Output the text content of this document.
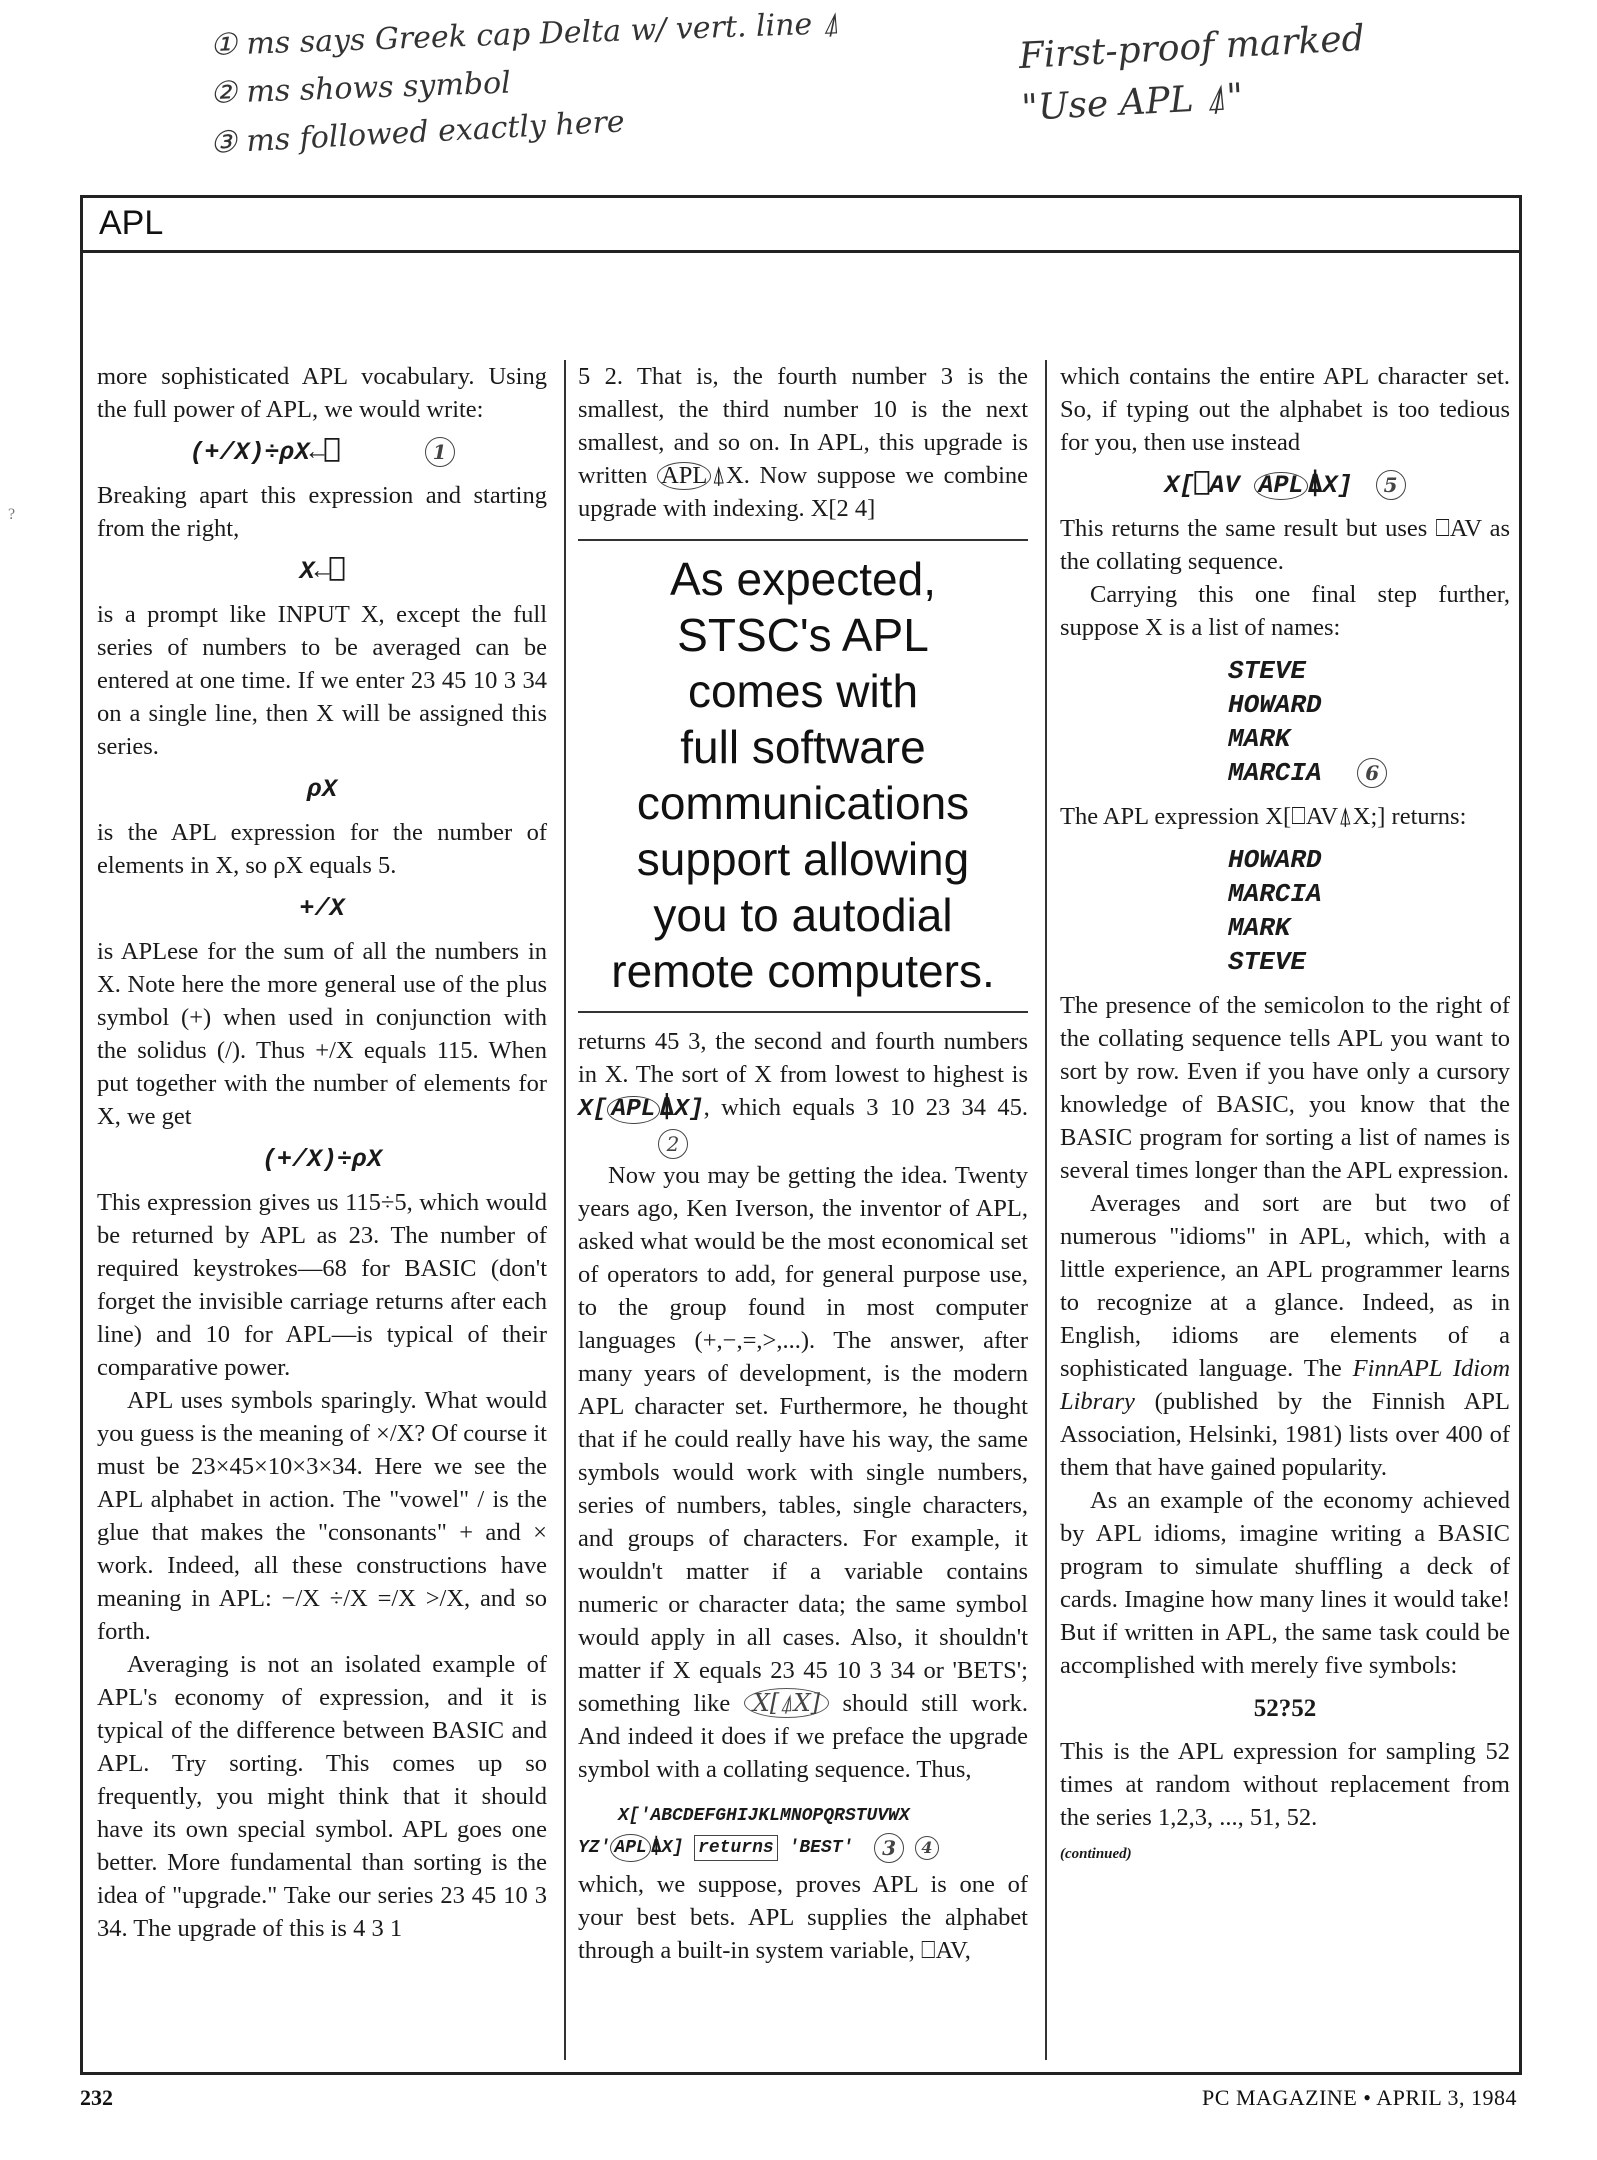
① ms says Greek cap Delta w/ vert. line ⍋
② ms shows symbol
③ ms followed exactly here
First-proof marked
"Use APL ⍋"
?
APL

more sophisticated APL vocabulary. Using the full power of APL, we would write:

(+/X)÷ρX←⎕	1

Breaking apart this expression and starting from the right,

X←⎕

is a prompt like INPUT X, except the full series of numbers to be averaged can be entered at one time. If we enter 23 45 10 3 34 on a single line, then X will be assigned this series.

ρX

is the APL expression for the number of elements in X, so ρX equals 5.

+/X

is APLese for the sum of all the numbers in X. Note here the more general use of the plus symbol (+) when used in conjunction with the solidus (/). Thus +/X equals 115. When put together with the number of elements for X, we get

(+/X)÷ρX

This expression gives us 115÷5, which would be returned by APL as 23. The number of required keystrokes—68 for BASIC (don't forget the invisible carriage returns after each line) and 10 for APL—is typical of their comparative power.

APL uses symbols sparingly. What would you guess is the meaning of ×/X? Of course it must be 23×45×10×3×34. Here we see the APL alphabet in action. The "vowel" / is the glue that makes the "consonants" + and × work. Indeed, all these constructions have meaning in APL: −/X ÷/X =/X >/X, and so forth.

Averaging is not an isolated example of APL's economy of expression, and it is typical of the difference between BASIC and APL. Try sorting. This comes up so frequently, you might think that it should have its own special symbol. APL goes one better. More fundamental than sorting is the idea of "upgrade." Take our series 23 45 10 3 34. The upgrade of this is 4 3 1

5 2. That is, the fourth number 3 is the smallest, the third number 10 is the next smallest, and so on. In APL, this upgrade is written APL ⍋X. Now suppose we combine upgrade with indexing. X[2 4]

As expected,
STSC's APL
comes with
full software
communications
support allowing
you to autodial
remote computers.

returns 45 3, the second and fourth numbers in X. The sort of X from lowest to highest is X[ APL ⍋X], which equals 3 10 23 34 45. 2

Now you may be getting the idea. Twenty years ago, Ken Iverson, the inventor of APL, asked what would be the most economical set of operators to add, for general purpose use, to the group found in most computer languages (+,−,=,>,...). The answer, after many years of development, is the modern APL character set. Furthermore, he thought that if he could really have his way, the same symbols would work with single numbers, series of numbers, tables, single characters, and groups of characters. For example, it wouldn't matter if a variable contains numeric or character data; the same symbol would apply in all cases. Also, it shouldn't matter if X equals 23 45 10 3 34 or 'BETS'; something like X[⍋X] should still work. And indeed it does if we preface the upgrade symbol with a collating sequence. Thus,

X['ABCDEFGHIJKLMNOPQRSTUVWX
YZ' APL ⍋X] returns 'BEST' 3 4

which, we suppose, proves APL is one of your best bets. APL supplies the alphabet through a built-in system variable, ⎕AV,

which contains the entire APL character set. So, if typing out the alphabet is too tedious for you, then use instead

X[⎕AV APL ⍋X] 5

This returns the same result but uses ⎕AV as the collating sequence.

Carrying this one final step further, suppose X is a list of names:

STEVE
HOWARD
MARK
MARCIA 6

The APL expression X[⎕AV⍋X;] returns:

HOWARD
MARCIA
MARK
STEVE

The presence of the semicolon to the right of the collating sequence tells APL you want to sort by row. Even if you have only a cursory knowledge of BASIC, you know that the BASIC program for sorting a list of names is several times longer than the APL expression.

Averages and sort are but two of numerous "idioms" in APL, which, with a little experience, an APL programmer learns to recognize at a glance. Indeed, as in English, idioms are elements of a sophisticated language. The FinnAPL Idiom Library (published by the Finnish APL Association, Helsinki, 1981) lists over 400 of them that have gained popularity.

As an example of the economy achieved by APL idioms, imagine writing a BASIC program to simulate shuffling a deck of cards. Imagine how many lines it would take! But if written in APL, the same task could be accomplished with merely five symbols:

52?52

This is the APL expression for sampling 52 times at random without replacement from the series 1,2,3, ..., 51, 52.

(continued)
232	PC MAGAZINE • APRIL 3, 1984
